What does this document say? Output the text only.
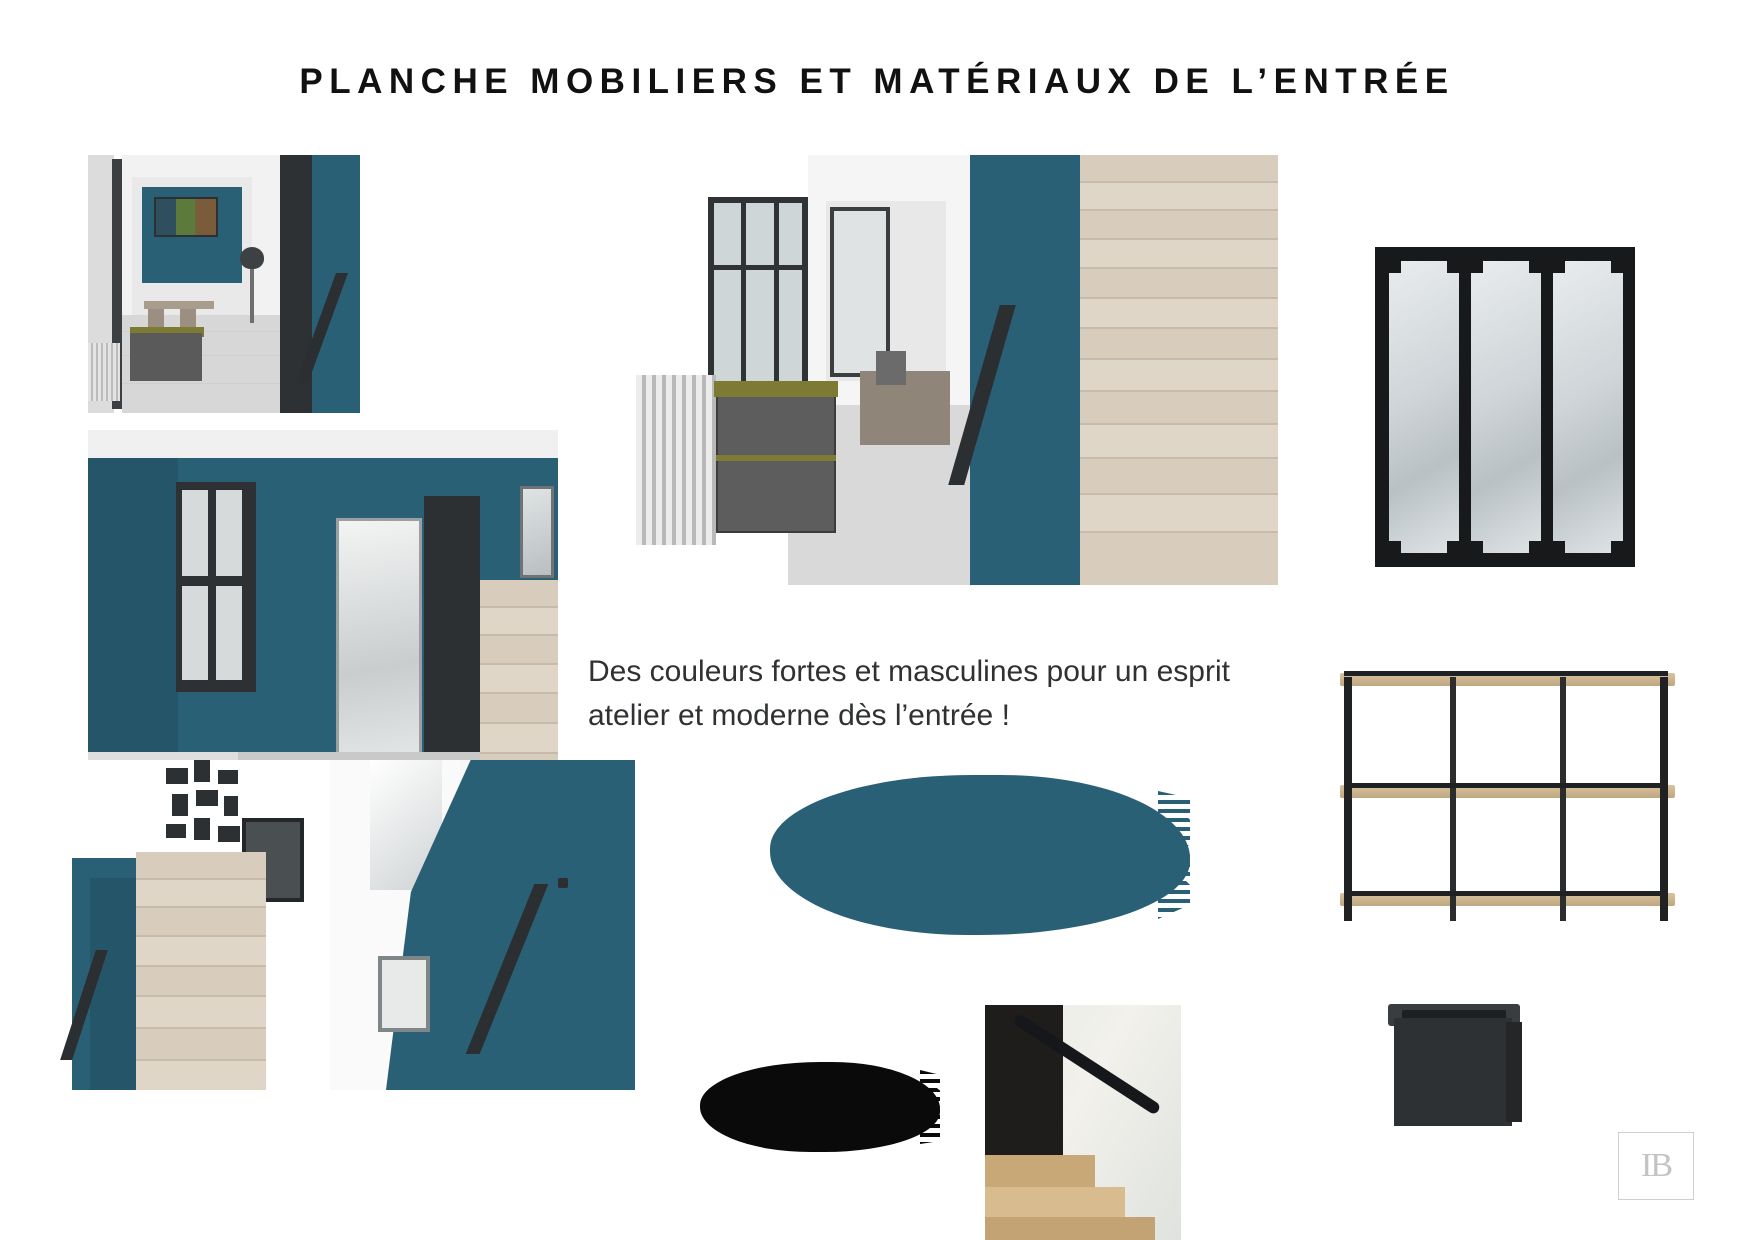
PLANCHE MOBILIERS ET MATÉRIAUX DE L’ENTRÉE
Des couleurs fortes et masculines pour un esprit atelier et moderne dès l’entrée !
IB
